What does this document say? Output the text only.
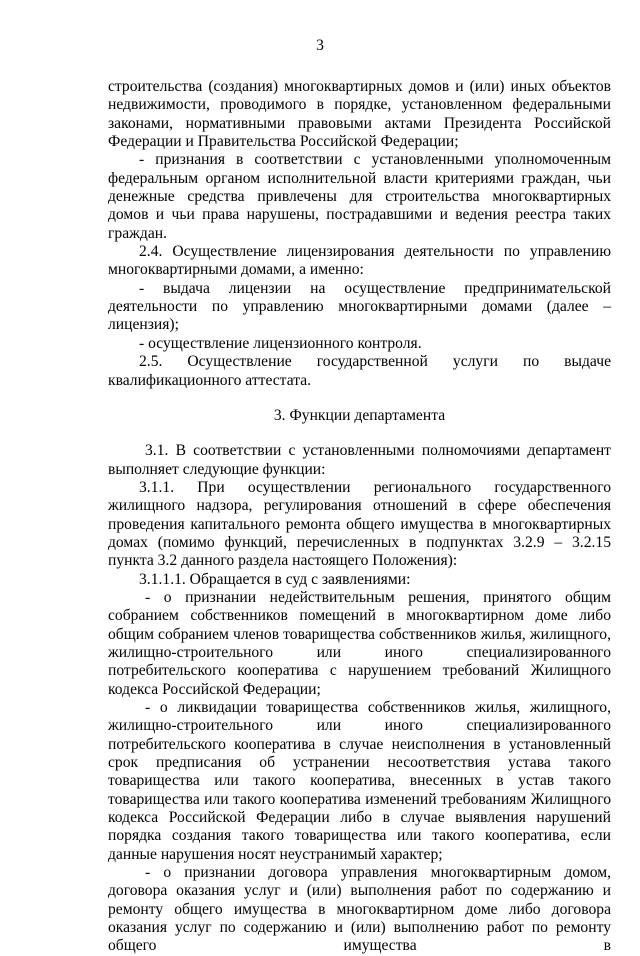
3

строительства (создания) многоквартирных домов и (или) иных объектов недвижимости, проводимого в порядке, установленном федеральными законами, нормативными правовыми актами Президента Российской Федерации и Правительства Российской Федерации;

- признания в соответствии с установленными уполномоченным федеральным органом исполнительной власти критериями граждан, чьи денежные средства привлечены для строительства многоквартирных домов и чьи права нарушены, пострадавшими и ведения реестра таких граждан.

2.4. Осуществление лицензирования деятельности по управлению многоквартирными домами, а именно:

- выдача лицензии на осуществление предпринимательской деятельности по управлению многоквартирными домами (далее – лицензия);

- осуществление лицензионного контроля.

2.5. Осуществление государственной услуги по выдаче квалификационного аттестата.

3. Функции департамента

3.1. В соответствии с установленными полномочиями департамент выполняет следующие функции:

3.1.1. При осуществлении регионального государственного жилищного надзора, регулирования отношений в сфере обеспечения проведения капитального ремонта общего имущества в многоквартирных домах (помимо функций, перечисленных в подпунктах 3.2.9 – 3.2.15 пункта 3.2 данного раздела настоящего Положения):

3.1.1.1. Обращается в суд с заявлениями:

- о признании недействительным решения, принятого общим собранием собственников помещений в многоквартирном доме либо общим собранием членов товарищества собственников жилья, жилищного, жилищно-строительного или иного специализированного потребительского кооператива с нарушением требований Жилищного кодекса Российской Федерации;

- о ликвидации товарищества собственников жилья, жилищного, жилищно-строительного или иного специализированного потребительского кооператива в случае неисполнения в установленный срок предписания об устранении несоответствия устава такого товарищества или такого кооператива, внесенных в устав такого товарищества или такого кооператива изменений требованиям Жилищного кодекса Российской Федерации либо в случае выявления нарушений порядка создания такого товарищества или такого кооператива, если данные нарушения носят неустранимый характер;

- о признании договора управления многоквартирным домом, договора оказания услуг и (или) выполнения работ по содержанию и ремонту общего имущества в многоквартирном доме либо договора оказания услуг по содержанию и (или) выполнению работ по ремонту общего имущества в
